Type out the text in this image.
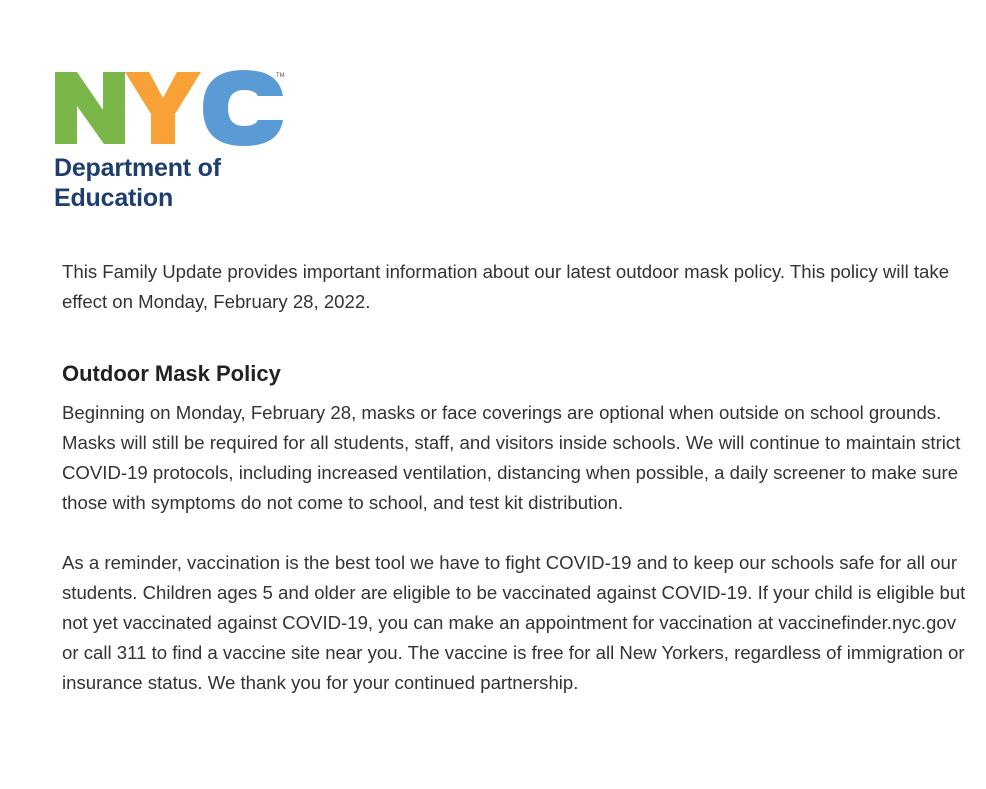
TM
Department of
Education

This Family Update provides important information about our latest outdoor mask policy. This policy will take effect on Monday, February 28, 2022.

Outdoor Mask Policy

Beginning on Monday, February 28, masks or face coverings are optional when outside on school grounds. Masks will still be required for all students, staff, and visitors inside schools. We will continue to maintain strict COVID-19 protocols, including increased ventilation, distancing when possible, a daily screener to make sure those with symptoms do not come to school, and test kit distribution.

As a reminder, vaccination is the best tool we have to fight COVID-19 and to keep our schools safe for all our students. Children ages 5 and older are eligible to be vaccinated against COVID-19. If your child is eligible but not yet vaccinated against COVID-19, you can make an appointment for vaccination at vaccinefinder.nyc.gov or call 311 to find a vaccine site near you. The vaccine is free for all New Yorkers, regardless of immigration or insurance status. We thank you for your continued partnership.
